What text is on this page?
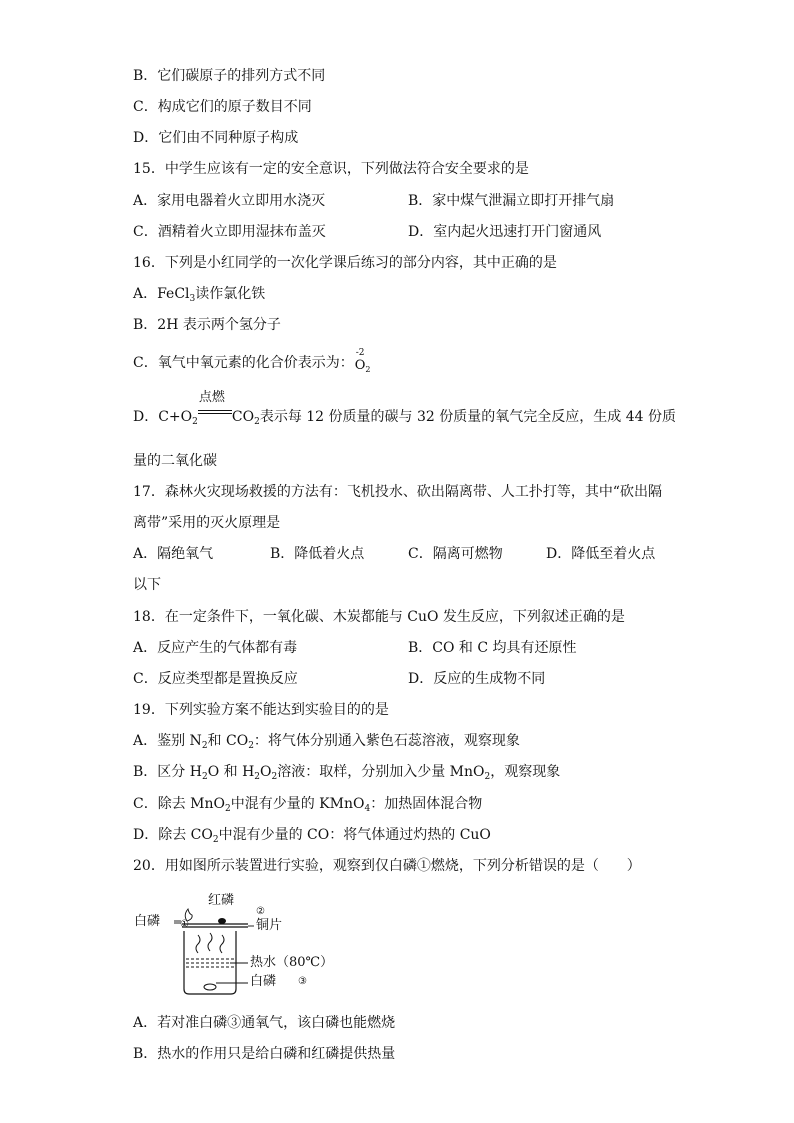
B．它们碳原子的排列方式不同
C．构成它们的原子数目不同
D．它们由不同种原子构成
15．中学生应该有一定的安全意识，下列做法符合安全要求的是
A．家用电器着火立即用水浇灭	B．家中煤气泄漏立即打开排气扇
C．酒精着火立即用湿抹布盖灭	D．室内起火迅速打开门窗通风
16．下列是小红同学的一次化学课后练习的部分内容，其中正确的是
A．FeCl$_3$读作氯化铁
B．2H 表示两个氢分子
C．氧气中氧元素的化合价表示为：
-2
$O_2$
D．$C+O_2$
点燃
$CO_2$表示每 12 份质量的碳与 32 份质量的氧气完全反应，生成 44 份质
量的二氧化碳
17．森林火灾现场救援的方法有：飞机投水、砍出隔离带、人工扑打等，其中“砍出隔
离带”采用的灭火原理是
A．隔绝氧气	B．降低着火点	C．隔离可燃物	D．降低至着火点
以下
18．在一定条件下，一氧化碳、木炭都能与 CuO 发生反应，下列叙述正确的是
A．反应产生的气体都有毒	B．CO 和 C 均具有还原性
C．反应类型都是置换反应	D．反应的生成物不同
19．下列实验方案不能达到实验目的的是
A．鉴别 $N_2$和 $CO_2$：将气体分别通入紫色石蕊溶液，观察现象
B．区分 $H_2O$ 和 $H_2O_2$溶液：取样，分别加入少量 MnO$_2$，观察现象
C．除去 MnO$_2$中混有少量的 KMnO$_4$：加热固体混合物
D．除去 $CO_2$中混有少量的 CO：将气体通过灼热的 CuO
20．用如图所示装置进行实验，观察到仅白磷①燃烧，下列分析错误的是（　　）
红磷
白磷 ①
②
铜片
热水（80℃）
白磷 ③
A．若对准白磷③通氧气，该白磷也能燃烧
B．热水的作用只是给白磷和红磷提供热量
